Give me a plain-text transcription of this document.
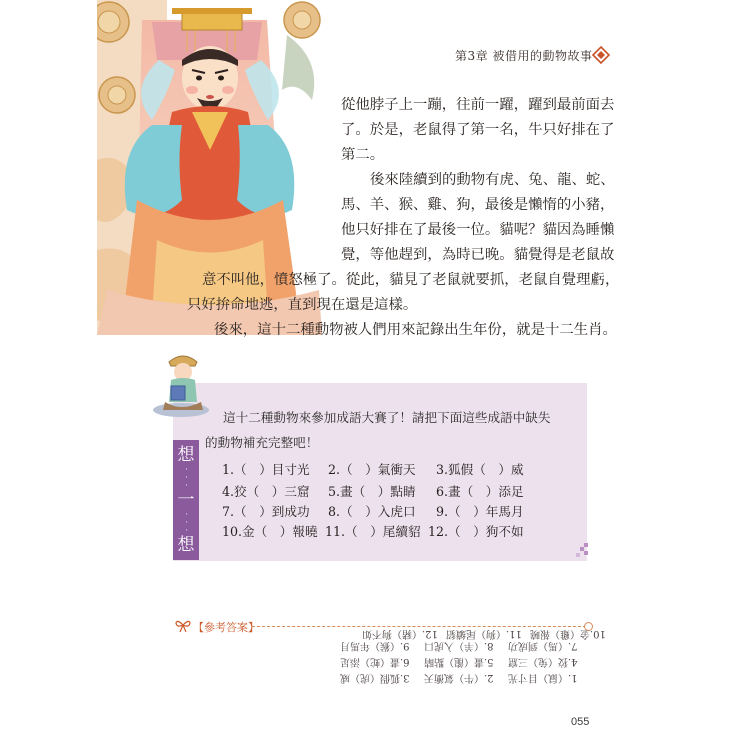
第3章 被借用的動物故事
從他脖子上一蹦，往前一躍，躍到最前面去
了。於是，老鼠得了第一名，牛只好排在了
第二。
後來陸續到的動物有虎、兔、龍、蛇、
馬、羊、猴、雞、狗，最後是懶惰的小豬，
他只好排在了最後一位。貓呢？貓因為睡懶
覺，等他趕到，為時已晚。貓覺得是老鼠故
意不叫他，憤怒極了。從此，貓見了老鼠就要抓，老鼠自覺理虧，
只好拚命地逃，直到現在還是這樣。
後來，這十二種動物被人們用來記錄出生年份，就是十二生肖。
想
·
·
·
一
·
·
·
想
這十二種動物來參加成語大賽了！請把下面這些成語中缺失
的動物補充完整吧！
1.（　）目寸光 2.（　）氣衝天 3.狐假（　）威
4.狡（　）三窟 5.畫（　）點睛 6.畫（　）添足
7.（　）到成功 8.（　）入虎口 9.（　）年馬月
10.金（　）報曉 11.（　）尾續貂 12.（　）狗不如
【參考答案】
1.（鼠）目寸光
4.狡（兔）三窟
7.（馬）到成功
2.（牛）氣衝天
5.畫（龍）點睛
8.（羊）入虎口
3.狐假（虎）威
6.畫（蛇）添足
9.（猴）年馬月
10.金（雞）報曉
11.（狗）尾續貂
12.（豬）狗不如
055
